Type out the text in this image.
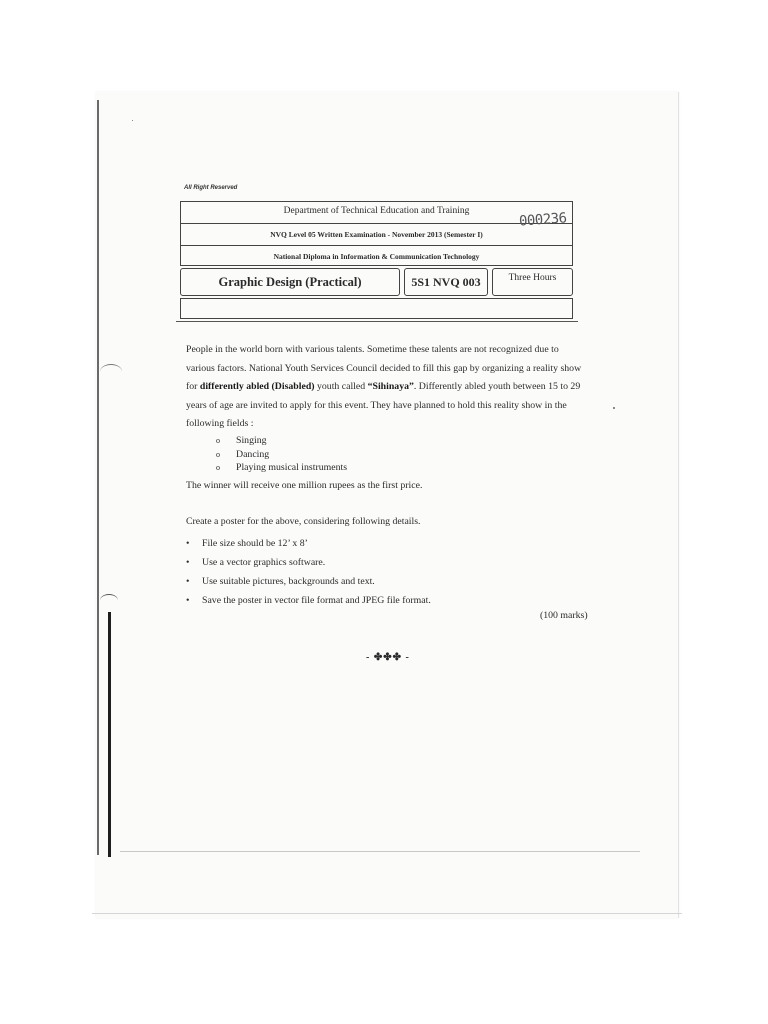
All Right Reserved
Department of Technical Education and Training
NVQ Level 05 Written Examination - November 2013 (Semester I)
National Diploma in Information & Communication Technology
000236
Graphic Design (Practical)	5S1 NVQ 003	Three Hours
People in the world born with various talents. Sometime these talents are not recognized due to various factors. National Youth Services Council decided to fill this gap by organizing a reality show for differently abled (Disabled) youth called “Sihinaya”. Differently abled youth between 15 to 29 years of age are invited to apply for this event. They have planned to hold this reality show in the following fields :
o	Singing
o	Dancing
o	Playing musical instruments
The winner will receive one million rupees as the first price.
Create a poster for the above, considering following details.
•	File size should be 12’ x 8’
•	Use a vector graphics software.
•	Use suitable pictures, backgrounds and text.
•	Save the poster in vector file format and JPEG file format.
(100 marks)
- ✤✤✤ -
